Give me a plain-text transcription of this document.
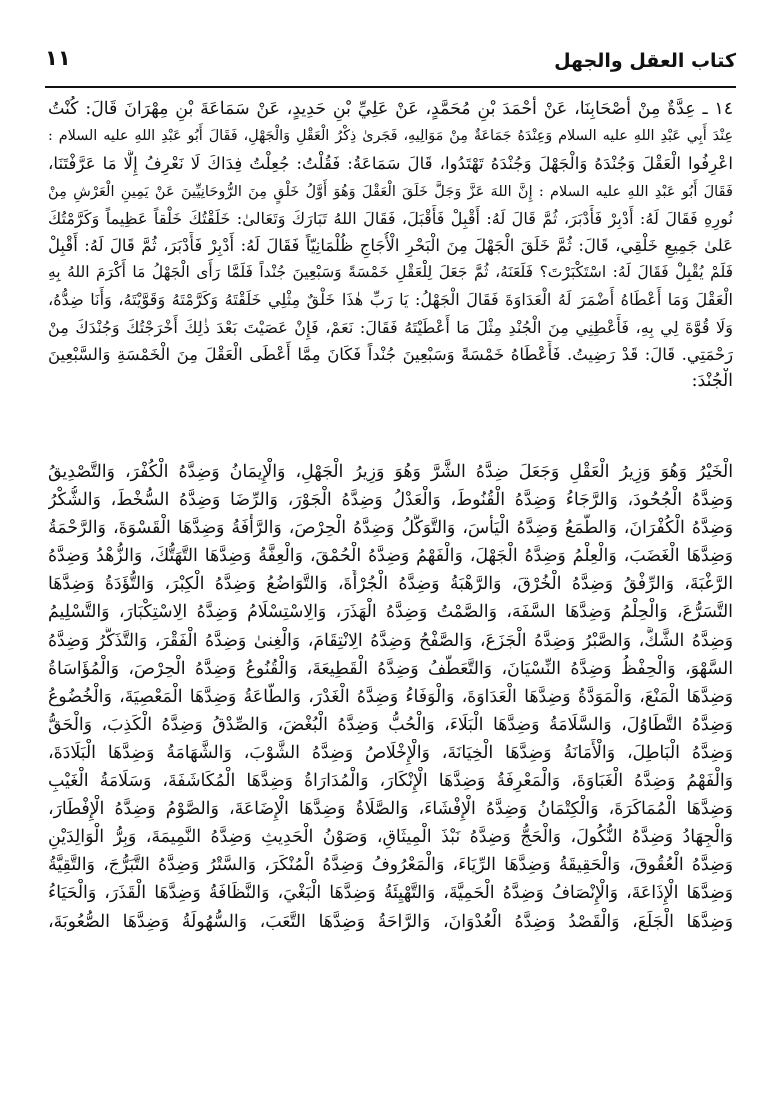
كتاب العقل والجهل
١١
١٤ ـ عِدَّةٌ مِنْ أَصْحَابِنَا، عَنْ أَحْمَدَ بْنِ مُحَمَّدٍ، عَنْ عَلِيِّ بْنِ حَدِيدٍ، عَنْ سَمَاعَةَ بْنِ مِهْرَانَ قَالَ: كُنْتُ
عِنْدَ أَبِي عَبْدِ اللهِ عليه السلام وَعِنْدَهُ جَمَاعَةٌ مِنْ مَوَالِيهِ، فَجَرىٰ ذِكْرُ الْعَقْلِ وَالْجَهْلِ، فَقَالَ أَبُو عَبْدِ اللهِ عليه السلام :
اعْرِفُوا الْعَقْلَ وَجُنْدَهُ وَالْجَهْلَ وَجُنْدَهُ تَهْتَدُوا، قَالَ سَمَاعَةُ: فَقُلْتُ: جُعِلْتُ فِدَاكَ لَا نَعْرِفُ إِلَّا مَا عَرَّفْتَنَا،
فَقَالَ أَبُو عَبْدِ اللهِ عليه السلام : إِنَّ اللهَ عَزَّ وَجَلَّ خَلَقَ الْعَقْلَ وَهُوَ أَوَّلُ خَلْقٍ مِنَ الرُّوحَانِيِّينَ عَنْ يَمِينِ الْعَرْشِ مِنْ
نُورِهِ فَقَالَ لَهُ: أَدْبِرْ فَأَدْبَرَ، ثُمَّ قَالَ لَهُ: أَقْبِلْ فَأَقْبَلَ، فَقَالَ اللهُ تَبَارَكَ وَتَعَالىٰ: خَلَقْتُكَ خَلْقاً عَظِيماً وَكَرَّمْتُكَ
عَلىٰ جَمِيعِ خَلْقِي، قَالَ: ثُمَّ خَلَقَ الْجَهْلَ مِنَ الْبَحْرِ الْأُجَاجِ ظُلْمَانِيّاً فَقَالَ لَهُ: أَدْبِرْ فَأَدْبَرَ، ثُمَّ قَالَ لَهُ: أَقْبِلْ
فَلَمْ يُقْبِلْ فَقَالَ لَهُ: اسْتَكْبَرْتَ؟ فَلَعَنَهُ، ثُمَّ جَعَلَ لِلْعَقْلِ خَمْسَةً وَسَبْعِينَ جُنْداً فَلَمَّا رَأَى الْجَهْلُ مَا أَكْرَمَ اللهُ بِهِ
الْعَقْلَ وَمَا أَعْطَاهُ أَضْمَرَ لَهُ الْعَدَاوَةَ فَقَالَ الْجَهْلُ: يَا رَبِّ هٰذَا خَلْقٌ مِثْلِي خَلَقْتَهُ وَكَرَّمْتَهُ وَقَوَّيْتَهُ، وَأَنَا ضِدُّهُ،
وَلَا قُوَّةَ لِي بِهِ، فَأَعْطِنِي مِنَ الْجُنْدِ مِثْلَ مَا أَعْطَيْتَهُ فَقَالَ: نَعَمْ، فَإِنْ عَصَيْتَ بَعْدَ ذٰلِكَ أَخْرَجْتُكَ وَجُنْدَكَ مِنْ
رَحْمَتِي. قَالَ: قَدْ رَضِيتُ. فَأَعْطَاهُ خَمْسَةً وَسَبْعِينَ جُنْداً فَكَانَ مِمَّا أَعْطَى الْعَقْلَ مِنَ الْخَمْسَةِ وَالسَّبْعِينَ
الْجُنْدَ:
الْخَيْرُ وَهُوَ وَزِيرُ الْعَقْلِ وَجَعَلَ ضِدَّهُ الشَّرَّ وَهُوَ وَزِيرُ الْجَهْلِ، وَالْإِيمَانُ وَضِدَّهُ الْكُفْرَ، وَالتَّصْدِيقُ
وَضِدَّهُ الْجُحُودَ، وَالرَّجَاءُ وَضِدَّهُ الْقُنُوطَ، وَالْعَدْلُ وَضِدَّهُ الْجَوْرَ، وَالرِّضَا وَضِدَّهُ السُّخْطَ، وَالشُّكْرُ
وَضِدَّهُ الْكُفْرَانَ، وَالطَّمَعُ وَضِدَّهُ الْيَأْسَ، وَالتَّوَكُّلُ وَضِدَّهُ الْحِرْصَ، وَالرَّأْفَةُ وَضِدَّهَا الْقَسْوَةَ، وَالرَّحْمَةُ
وَضِدَّهَا الْغَضَبَ، وَالْعِلْمُ وَضِدَّهُ الْجَهْلَ، وَالْفَهْمُ وَضِدَّهُ الْحُمْقَ، وَالْعِفَّةُ وَضِدَّهَا التَّهَتُّكَ، وَالزُّهْدُ وَضِدَّهُ
الرَّغْبَةَ، وَالرِّفْقُ وَضِدَّهُ الْخُرْقَ، وَالرَّهْبَةُ وَضِدَّهُ الْجُرْأَةَ، وَالتَّوَاضُعُ وَضِدَّهُ الْكِبْرَ، وَالتُّؤَدَةُ وَضِدَّهَا
التَّسَرُّعَ، وَالْحِلْمُ وَضِدَّهَا السَّفَهَ، وَالصَّمْتُ وَضِدَّهُ الْهَذَرَ، وَالِاسْتِسْلَامُ وَضِدَّهُ الِاسْتِكْبَارَ، وَالتَّسْلِيمُ
وَضِدَّهُ الشَّكَّ، وَالصَّبْرُ وَضِدَّهُ الْجَزَعَ، وَالصَّفْحُ وَضِدَّهُ الِانْتِقَامَ، وَالْغِنىٰ وَضِدَّهُ الْفَقْرَ، وَالتَّذَكُّرُ وَضِدَّهُ
السَّهْوَ، وَالْحِفْظُ وَضِدَّهُ النِّسْيَانَ، وَالتَّعَطُّفُ وَضِدَّهُ الْقَطِيعَةَ، وَالْقُنُوعُ وَضِدَّهُ الْحِرْصَ، وَالْمُؤَاسَاةُ
وَضِدَّهَا الْمَنْعَ، وَالْمَوَدَّةُ وَضِدَّهَا الْعَدَاوَةَ، وَالْوَفَاءُ وَضِدَّهُ الْغَدْرَ، وَالطَّاعَةُ وَضِدَّهَا الْمَعْصِيَةَ، وَالْخُضُوعُ
وَضِدَّهُ التَّطَاوُلَ، وَالسَّلَامَةُ وَضِدَّهَا الْبَلَاءَ، وَالْحُبُّ وَضِدَّهُ الْبُغْضَ، وَالصِّدْقُ وَضِدَّهُ الْكَذِبَ، وَالْحَقُّ
وَضِدَّهُ الْبَاطِلَ، وَالْأَمَانَةُ وَضِدَّهَا الْخِيَانَةَ، وَالْإِخْلَاصُ وَضِدَّهُ الشَّوْبَ، وَالشَّهَامَةُ وَضِدَّهَا الْبَلَادَةَ،
وَالْفَهْمُ وَضِدَّهُ الْغَبَاوَةَ، وَالْمَعْرِفَةُ وَضِدَّهَا الْإِنْكَارَ، وَالْمُدَارَاةُ وَضِدَّهَا الْمُكَاشَفَةَ، وَسَلَامَةُ الْغَيْبِ
وَضِدَّهَا الْمُمَاكَرَةَ، وَالْكِتْمَانُ وَضِدَّهُ الْإِفْشَاءَ، وَالصَّلَاةُ وَضِدَّهَا الْإِضَاعَةَ، وَالصَّوْمُ وَضِدَّهُ الْإِفْطَارَ،
وَالْجِهَادُ وَضِدَّهُ النُّكُولَ، وَالْحَجُّ وَضِدَّهُ نَبْذَ الْمِيثَاقِ، وَصَوْنُ الْحَدِيثِ وَضِدَّهُ النَّمِيمَةَ، وَبِرُّ الْوَالِدَيْنِ
وَضِدَّهُ الْعُقُوقَ، وَالْحَقِيقَةُ وَضِدَّهَا الرِّيَاءَ، وَالْمَعْرُوفُ وَضِدَّهُ الْمُنْكَرَ، وَالسَّتْرُ وَضِدَّهُ التَّبَرُّجَ، وَالتَّقِيَّةُ
وَضِدَّهَا الْإِذَاعَةَ، وَالْإِنْصَافُ وَضِدَّهُ الْحَمِيَّةَ، وَالتَّهْيِئَةُ وَضِدَّهَا الْبَغْيَ، وَالنَّظَافَةُ وَضِدَّهَا الْقَذَرَ، وَالْحَيَاءُ
وَضِدَّهَا الْجَلَعَ، وَالْقَصْدُ وَضِدَّهُ الْعُدْوَانَ، وَالرَّاحَةُ وَضِدَّهَا التَّعَبَ، وَالسُّهُولَةُ وَضِدَّهَا الصُّعُوبَةَ،
